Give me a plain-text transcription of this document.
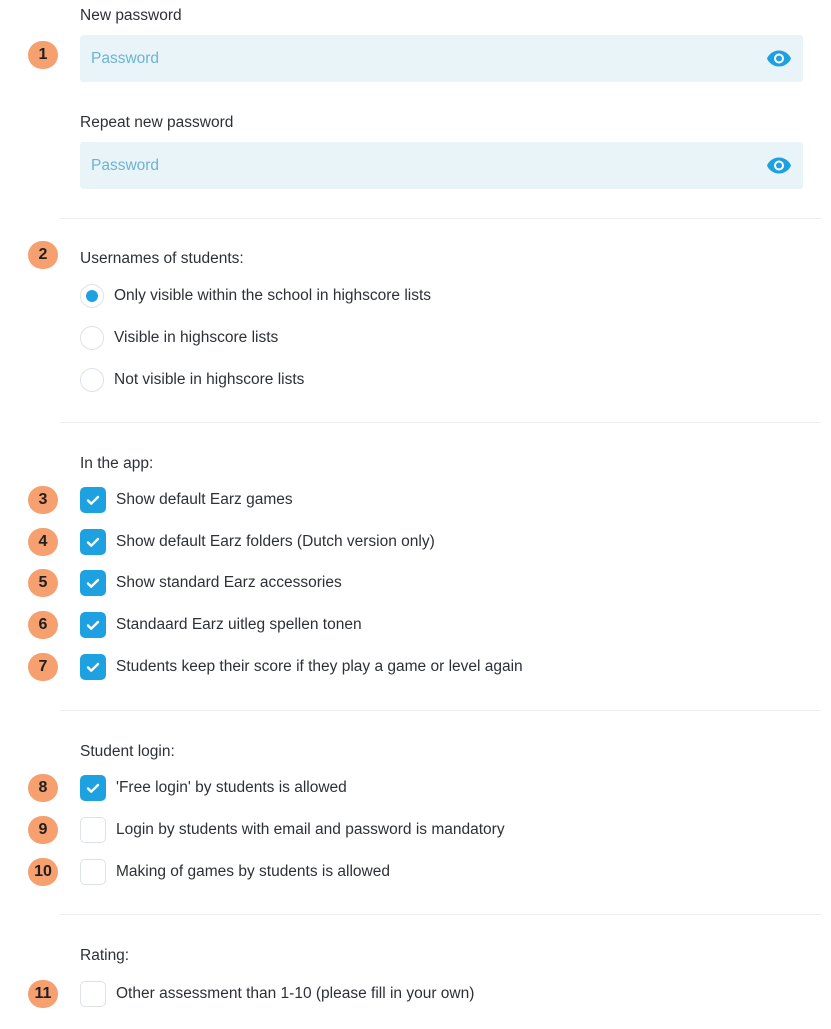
New password
1
Repeat new password
2	Usernames of students:
Only visible within the school in highscore lists
Visible in highscore lists
Not visible in highscore lists
In the app:
3	Show default Earz games
4	Show default Earz folders (Dutch version only)
5	Show standard Earz accessories
6	Standaard Earz uitleg spellen tonen
7	Students keep their score if they play a game or level again
Student login:
8	'Free login' by students is allowed
9	Login by students with email and password is mandatory
10	Making of games by students is allowed
Rating:
11	Other assessment than 1-10 (please fill in your own)
